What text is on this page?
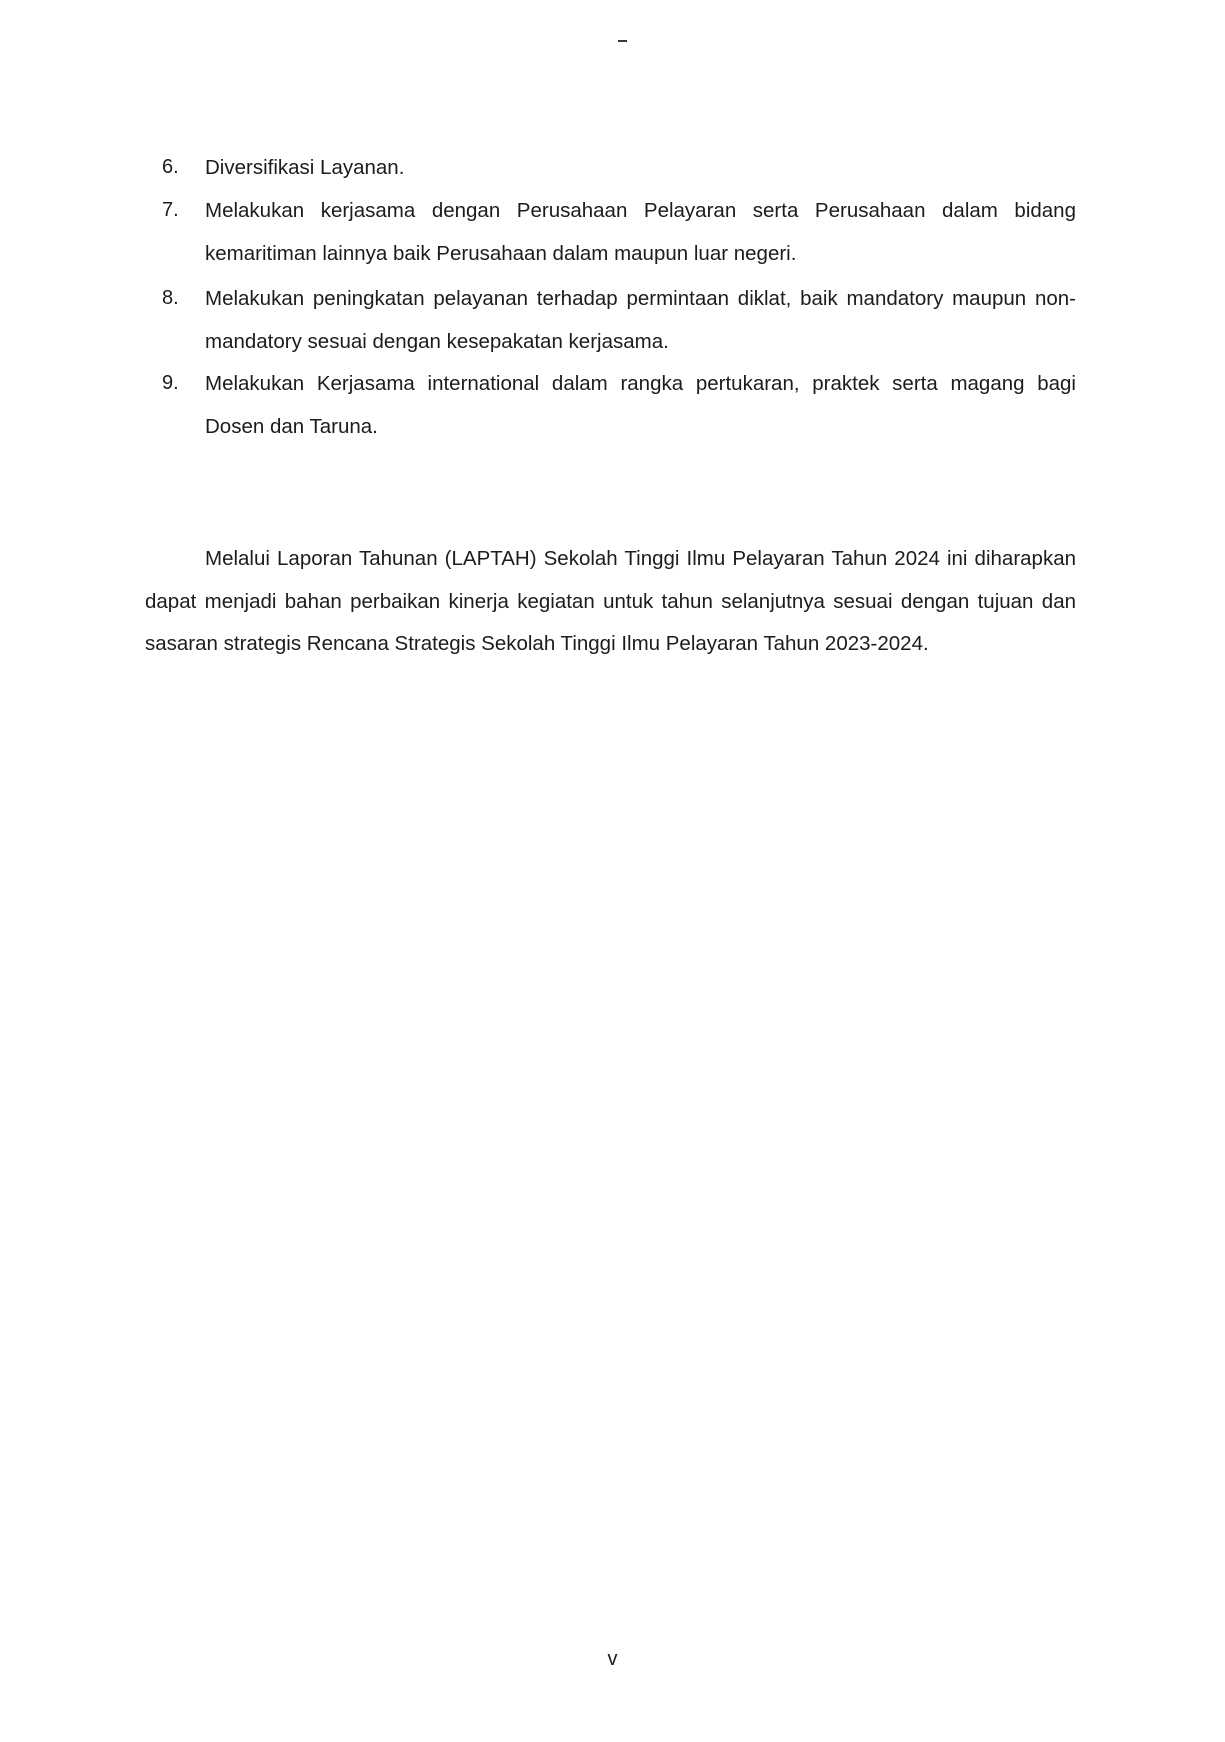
6. Diversifikasi Layanan.
7. Melakukan kerjasama dengan Perusahaan Pelayaran serta Perusahaan dalam bidang kemaritiman lainnya baik Perusahaan dalam maupun luar negeri.
8. Melakukan peningkatan pelayanan terhadap permintaan diklat, baik mandatory maupun non-mandatory sesuai dengan kesepakatan kerjasama.
9. Melakukan Kerjasama international dalam rangka pertukaran, praktek serta magang bagi Dosen dan Taruna.

Melalui Laporan Tahunan (LAPTAH) Sekolah Tinggi Ilmu Pelayaran Tahun 2024 ini diharapkan dapat menjadi bahan perbaikan kinerja kegiatan untuk tahun selanjutnya sesuai dengan tujuan dan sasaran strategis Rencana Strategis Sekolah Tinggi Ilmu Pelayaran Tahun 2023-2024.

v
